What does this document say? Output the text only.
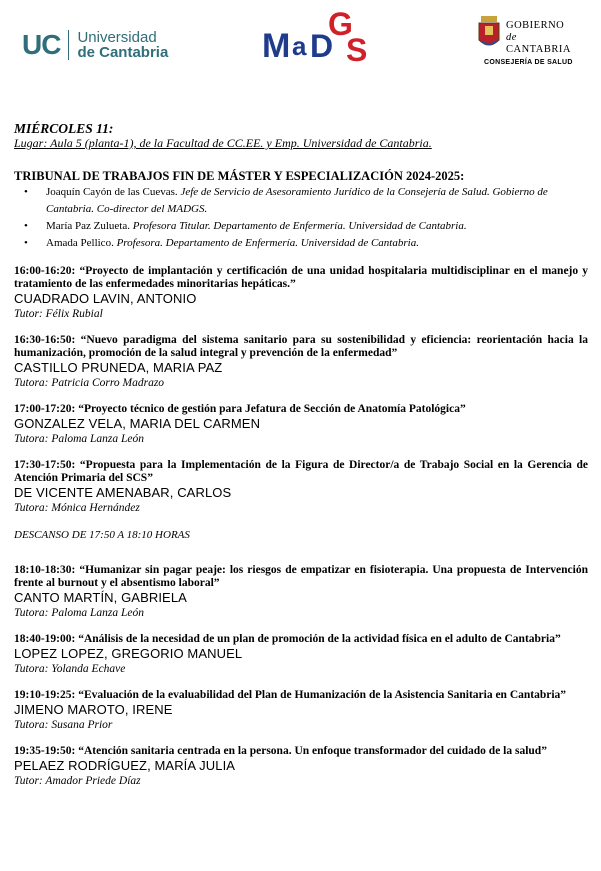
UC Universidad
de Cantabria	M a D
G
S
GOBIERNO
de
CANTABRIA
CONSEJERÍA DE SALUD

MIÉRCOLES 11:

Lugar: Aula 5 (planta-1), de la Facultad de CC.EE. y Emp. Universidad de Cantabria.

TRIBUNAL DE TRABAJOS FIN DE MÁSTER Y ESPECIALIZACIÓN 2024-2025:

• Joaquín Cayón de las Cuevas. Jefe de Servicio de Asesoramiento Jurídico de la Consejería de Salud. Gobierno de Cantabria. Co-director del MADGS.
• María Paz Zulueta. Profesora Titular. Departamento de Enfermería. Universidad de Cantabria.
• Amada Pellico. Profesora. Departamento de Enfermería. Universidad de Cantabria.
16:00-16:20: “Proyecto de implantación y certificación de una unidad hospitalaria multidisciplinar en el manejo y tratamiento de las enfermedades minoritarias hepáticas.”
CUADRADO LAVIN, ANTONIO
Tutor: Félix Rubial
16:30-16:50: “Nuevo paradigma del sistema sanitario para su sostenibilidad y eficiencia: reorientación hacia la humanización, promoción de la salud integral y prevención de la enfermedad”
CASTILLO PRUNEDA, MARIA PAZ
Tutora: Patricia Corro Madrazo
17:00-17:20: “Proyecto técnico de gestión para Jefatura de Sección de Anatomía Patológica”
GONZALEZ VELA, MARIA DEL CARMEN
Tutora: Paloma Lanza León
17:30-17:50: “Propuesta para la Implementación de la Figura de Director/a de Trabajo Social en la Gerencia de Atención Primaria del SCS”
DE VICENTE AMENABAR, CARLOS
Tutora: Mónica Hernández
DESCANSO DE 17:50 A 18:10 HORAS
18:10-18:30: “Humanizar sin pagar peaje: los riesgos de empatizar en fisioterapia. Una propuesta de Intervención frente al burnout y el absentismo laboral”
CANTO MARTÍN, GABRIELA
Tutora: Paloma Lanza León
18:40-19:00: “Análisis de la necesidad de un plan de promoción de la actividad física en el adulto de Cantabria”
LOPEZ LOPEZ, GREGORIO MANUEL
Tutora: Yolanda Echave
19:10-19:25: “Evaluación de la evaluabilidad del Plan de Humanización de la Asistencia Sanitaria en Cantabria”
JIMENO MAROTO, IRENE
Tutora: Susana Prior
19:35-19:50: “Atención sanitaria centrada en la persona. Un enfoque transformador del cuidado de la salud”
PELAEZ RODRÍGUEZ, MARÍA JULIA
Tutor: Amador Priede Díaz
